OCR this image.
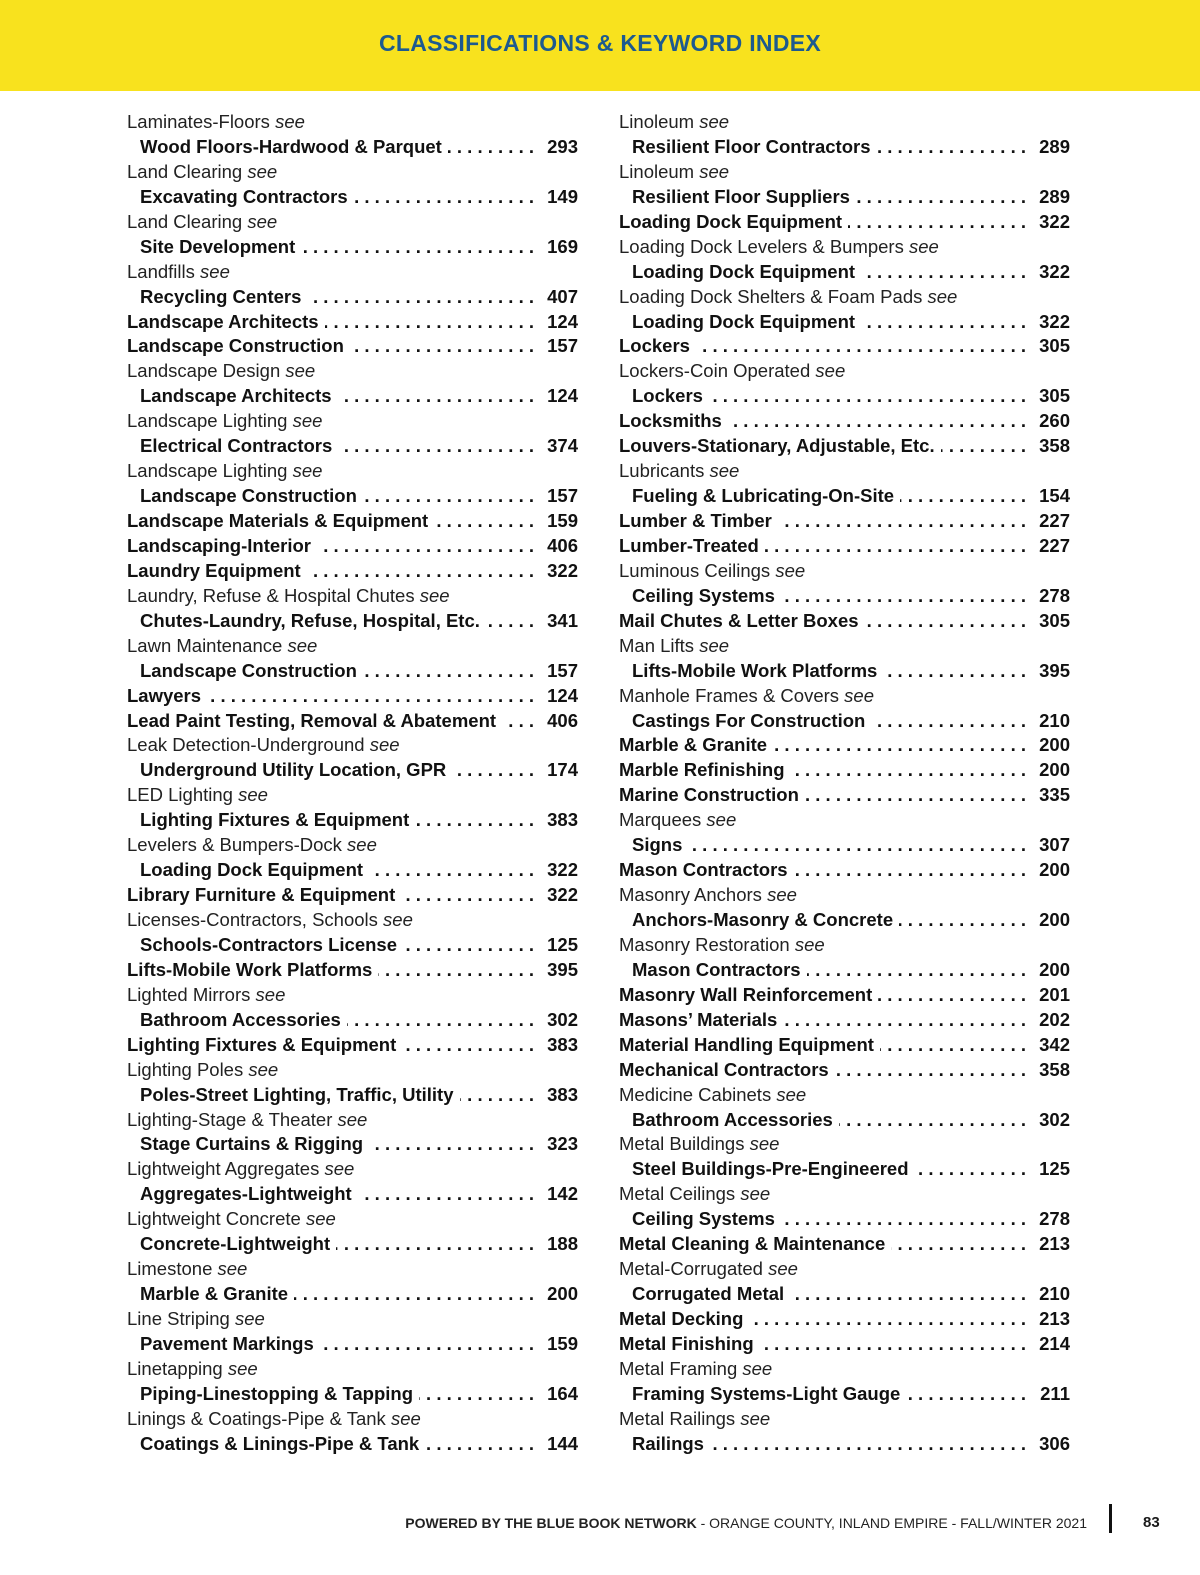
CLASSIFICATIONS & KEYWORD INDEX
Laminates-Floors see
Wood Floors-Hardwood & Parquet . . .	293
Land Clearing see
Excavating Contractors . . .	149
Land Clearing see
Site Development . . .	169
Landfills see
Recycling Centers . . .	407
Landscape Architects . . .	124
Landscape Construction . . .	157
Landscape Design see
Landscape Architects . . .	124
Landscape Lighting see
Electrical Contractors . . .	374
Landscape Lighting see
Landscape Construction . . .	157
Landscape Materials & Equipment . . .	159
Landscaping-Interior . . .	406
Laundry Equipment . . .	322
Laundry, Refuse & Hospital Chutes see
Chutes-Laundry, Refuse, Hospital, Etc. . . .	341
Lawn Maintenance see
Landscape Construction . . .	157
Lawyers . . .	124
Lead Paint Testing, Removal & Abatement . . .	406
Leak Detection-Underground see
Underground Utility Location, GPR . . .	174
LED Lighting see
Lighting Fixtures & Equipment . . .	383
Levelers & Bumpers-Dock see
Loading Dock Equipment . . .	322
Library Furniture & Equipment . . .	322
Licenses-Contractors, Schools see
Schools-Contractors License . . .	125
Lifts-Mobile Work Platforms . . .	395
Lighted Mirrors see
Bathroom Accessories . . .	302
Lighting Fixtures & Equipment . . .	383
Lighting Poles see
Poles-Street Lighting, Traffic, Utility . . .	383
Lighting-Stage & Theater see
Stage Curtains & Rigging . . .	323
Lightweight Aggregates see
Aggregates-Lightweight . . .	142
Lightweight Concrete see
Concrete-Lightweight . . .	188
Limestone see
Marble & Granite . . .	200
Line Striping see
Pavement Markings . . .	159
Linetapping see
Piping-Linestopping & Tapping . . .	164
Linings & Coatings-Pipe & Tank see
Coatings & Linings-Pipe & Tank . . .	144
Linoleum see
Resilient Floor Contractors . . .	289
Linoleum see
Resilient Floor Suppliers . . .	289
Loading Dock Equipment . . .	322
Loading Dock Levelers & Bumpers see
Loading Dock Equipment . . .	322
Loading Dock Shelters & Foam Pads see
Loading Dock Equipment . . .	322
Lockers . . .	305
Lockers-Coin Operated see
Lockers . . .	305
Locksmiths . . .	260
Louvers-Stationary, Adjustable, Etc. . . .	358
Lubricants see
Fueling & Lubricating-On-Site . . .	154
Lumber & Timber . . .	227
Lumber-Treated . . .	227
Luminous Ceilings see
Ceiling Systems . . .	278
Mail Chutes & Letter Boxes . . .	305
Man Lifts see
Lifts-Mobile Work Platforms . . .	395
Manhole Frames & Covers see
Castings For Construction . . .	210
Marble & Granite . . .	200
Marble Refinishing . . .	200
Marine Construction . . .	335
Marquees see
Signs . . .	307
Mason Contractors . . .	200
Masonry Anchors see
Anchors-Masonry & Concrete . . .	200
Masonry Restoration see
Mason Contractors . . .	200
Masonry Wall Reinforcement . . .	201
Masons’ Materials . . .	202
Material Handling Equipment . . .	342
Mechanical Contractors . . .	358
Medicine Cabinets see
Bathroom Accessories . . .	302
Metal Buildings see
Steel Buildings-Pre-Engineered . . .	125
Metal Ceilings see
Ceiling Systems . . .	278
Metal Cleaning & Maintenance . . .	213
Metal-Corrugated see
Corrugated Metal . . .	210
Metal Decking . . .	213
Metal Finishing . . .	214
Metal Framing see
Framing Systems-Light Gauge . . .	211
Metal Railings see
Railings . . .	306
POWERED BY THE BLUE BOOK NETWORK - ORANGE COUNTY, INLAND EMPIRE - FALL/WINTER 2021	83
